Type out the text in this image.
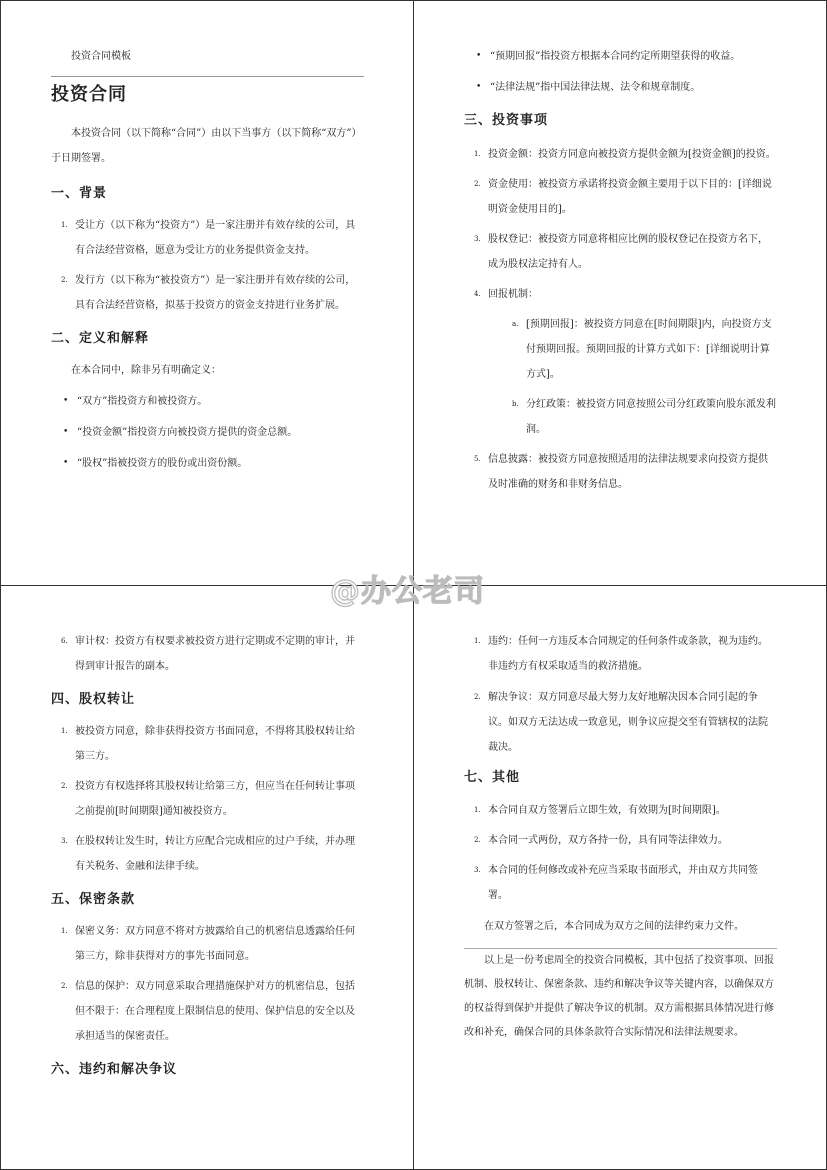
投资合同模板

投资合同

本投资合同（以下简称“合同”）由以下当事方（以下简称“双方”）于日期签署。

一、背景

1. 受让方（以下称为“投资方”）是一家注册并有效存续的公司，具有合法经营资格，愿意为受让方的业务提供资金支持。
2. 发行方（以下称为“被投资方”）是一家注册并有效存续的公司，具有合法经营资格，拟基于投资方的资金支持进行业务扩展。

二、定义和解释

在本合同中，除非另有明确定义：

• “双方”指投资方和被投资方。
• “投资金额”指投资方向被投资方提供的资金总额。
• “股权”指被投资方的股份或出资份额。
• “预期回报”指投资方根据本合同约定所期望获得的收益。
• “法律法规”指中国法律法规、法令和规章制度。

三、投资事项

1. 投资金额：投资方同意向被投资方提供金额为[投资金额]的投资。
2. 资金使用：被投资方承诺将投资金额主要用于以下目的：[详细说明资金使用目的]。
3. 股权登记：被投资方同意将相应比例的股权登记在投资方名下，成为股权法定持有人。
4. 回报机制：
a. [预期回报]：被投资方同意在[时间期限]内，向投资方支付预期回报。预期回报的计算方式如下：[详细说明计算方式]。
b. 分红政策：被投资方同意按照公司分红政策向股东派发利润。
5. 信息披露：被投资方同意按照适用的法律法规要求向投资方提供及时准确的财务和非财务信息。
6. 审计权：投资方有权要求被投资方进行定期或不定期的审计，并得到审计报告的副本。

四、股权转让

1. 被投资方同意，除非获得投资方书面同意，不得将其股权转让给第三方。
2. 投资方有权选择将其股权转让给第三方，但应当在任何转让事项之前提前[时间期限]通知被投资方。
3. 在股权转让发生时，转让方应配合完成相应的过户手续，并办理有关税务、金融和法律手续。

五、保密条款

1. 保密义务：双方同意不将对方披露给自己的机密信息透露给任何第三方，除非获得对方的事先书面同意。
2. 信息的保护：双方同意采取合理措施保护对方的机密信息，包括但不限于：在合理程度上限制信息的使用、保护信息的安全以及承担适当的保密责任。

六、违约和解决争议

1. 违约：任何一方违反本合同规定的任何条件或条款，视为违约。非违约方有权采取适当的救济措施。
2. 解决争议：双方同意尽最大努力友好地解决因本合同引起的争议。如双方无法达成一致意见，则争议应提交至有管辖权的法院裁决。

七、其他

1. 本合同自双方签署后立即生效，有效期为[时间期限]。
2. 本合同一式两份，双方各持一份，具有同等法律效力。
3. 本合同的任何修改或补充应当采取书面形式，并由双方共同签署。

在双方签署之后，本合同成为双方之间的法律约束力文件。

以上是一份考虑周全的投资合同模板，其中包括了投资事项、回报机制、股权转让、保密条款、违约和解决争议等关键内容，以确保双方的权益得到保护并提供了解决争议的机制。双方需根据具体情况进行修改和补充，确保合同的具体条款符合实际情况和法律法规要求。

@办公老司
